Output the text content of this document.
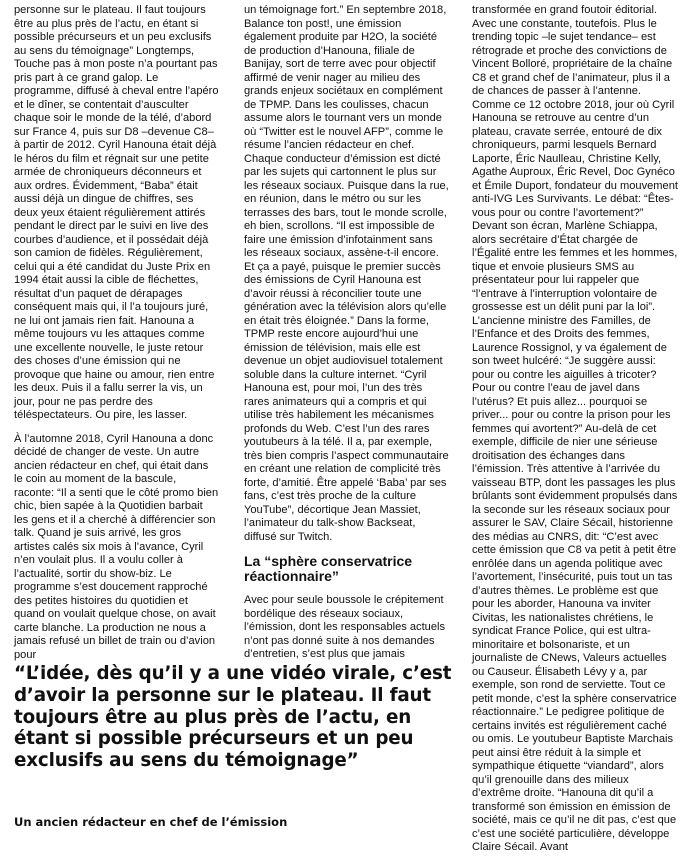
personne sur le plateau. Il faut toujours être au plus près de l’actu, en étant si possible précurseurs et un peu exclusifs au sens du témoignage” Longtemps, Touche pas à mon poste n’a pourtant pas pris part à ce grand galop. Le programme, diffusé à cheval entre l’apéro et le dîner, se contentait d’ausculter chaque soir le monde de la télé, d’abord sur France 4, puis sur D8 –devenue C8– à partir de 2012. Cyril Hanouna était déjà le héros du film et régnait sur une petite armée de chroniqueurs déconneurs et aux ordres. Évidemment, “Baba” était aussi déjà un dingue de chiffres, ses deux yeux étaient régulièrement attirés pendant le direct par le suivi en live des courbes d’audience, et il possédait déjà son camion de fidèles. Régulièrement, celui qui a été candidat du Juste Prix en 1994 était aussi la cible de fléchettes, résultat d’un paquet de dérapages conséquent mais qui, il l’a toujours juré, ne lui ont jamais rien fait. Hanouna a même toujours vu les attaques comme une excellente nouvelle, le juste retour des choses d’une émission qui ne provoque que haine ou amour, rien entre les deux. Puis il a fallu serrer la vis, un jour, pour ne pas perdre des téléspectateurs. Ou pire, les lasser.

À l’automne 2018, Cyril Hanouna a donc décidé de changer de veste. Un autre ancien rédacteur en chef, qui était dans le coin au moment de la bascule, raconte: “Il a senti que le côté promo bien chic, bien sapée à la Quotidien barbait les gens et il a cherché à différencier son talk. Quand je suis arrivé, les gros artistes calés six mois à l’avance, Cyril n’en voulait plus. Il a voulu coller à l’actualité, sortir du show-biz. Le programme s’est doucement rapproché des petites histoires du quotidien et quand on voulait quelque chose, on avait carte blanche. La production ne nous a jamais refusé un billet de train ou d’avion pour

un témoignage fort.” En septembre 2018, Balance ton post!, une émission également produite par H2O, la société de production d’Hanouna, filiale de Banijay, sort de terre avec pour objectif affirmé de venir nager au milieu des grands enjeux sociétaux en complément de TPMP. Dans les coulisses, chacun assume alors le tournant vers un monde où “Twitter est le nouvel AFP”, comme le résume l’ancien rédacteur en chef. Chaque conducteur d’émission est dicté par les sujets qui cartonnent le plus sur les réseaux sociaux. Puisque dans la rue, en réunion, dans le métro ou sur les terrasses des bars, tout le monde scrolle, eh bien, scrollons. “Il est impossible de faire une émission d’infotainment sans les réseaux sociaux, assène-t-il encore. Et ça a payé, puisque le premier succès des émissions de Cyril Hanouna est d’avoir réussi à réconcilier toute une génération avec la télévision alors qu’elle en était très éloignée.” Dans la forme, TPMP reste encore aujourd’hui une émission de télévision, mais elle est devenue un objet audiovisuel totalement soluble dans la culture internet. “Cyril Hanouna est, pour moi, l’un des très rares animateurs qui a compris et qui utilise très habilement les mécanismes profonds du Web. C’est l’un des rares youtubeurs à la télé. Il a, par exemple, très bien compris l’aspect communautaire en créant une relation de complicité très forte, d’amitié. Être appelé ‘Baba’ par ses fans, c’est très proche de la culture YouTube”, décortique Jean Massiet, l’animateur du talk-show Backseat, diffusé sur Twitch.

La “sphère conservatrice réactionnaire”

Avec pour seule boussole le crépitement bordélique des réseaux sociaux, l’émission, dont les responsables actuels n’ont pas donné suite à nos demandes d’entretien, s’est plus que jamais

transformée en grand foutoir éditorial. Avec une constante, toutefois. Plus le trending topic –le sujet tendance– est rétrograde et proche des convictions de Vincent Bolloré, propriétaire de la chaîne C8 et grand chef de l’animateur, plus il a de chances de passer à l’antenne. Comme ce 12 octobre 2018, jour où Cyril Hanouna se retrouve au centre d’un plateau, cravate serrée, entouré de dix chroniqueurs, parmi lesquels Bernard Laporte, Éric Naulleau, Christine Kelly, Agathe Auproux, Éric Revel, Doc Gynéco et Émile Duport, fondateur du mouvement anti-IVG Les Survivants. Le débat: “Êtes-vous pour ou contre l’avortement?” Devant son écran, Marlène Schiappa, alors secrétaire d’État chargée de l’Égalité entre les femmes et les hommes, tique et envoie plusieurs SMS au présentateur pour lui rappeler que “l’entrave à l’interruption volontaire de grossesse est un délit puni par la loi”. L’ancienne ministre des Familles, de l’Enfance et des Droits des femmes, Laurence Rossignol, y va également de son tweet hulcéré: “Je suggère aussi: pour ou contre les aiguilles à tricoter? Pour ou contre l’eau de javel dans l’utérus? Et puis allez... pourquoi se priver... pour ou contre la prison pour les femmes qui avortent?” Au-delà de cet exemple, difficile de nier une sérieuse droitisation des échanges dans l’émission. Très attentive à l’arrivée du vaisseau BTP, dont les passages les plus brûlants sont évidemment propulsés dans la seconde sur les réseaux sociaux pour assurer le SAV, Claire Sécail, historienne des médias au CNRS, dit: “C’est avec cette émission que C8 va petit à petit être enrôlée dans un agenda politique avec l’avortement, l’insécurité, puis tout un tas d’autres thèmes. Le problème est que pour les aborder, Hanouna va inviter Civitas, les nationalistes chrétiens, le syndicat France Police, qui est ultra-minoritaire et bolsonariste, et un journaliste de CNews, Valeurs actuelles ou Causeur. Élisabeth Lévy y a, par exemple, son rond de serviette. Tout ce petit monde, c’est la sphère conservatrice réactionnaire.” Le pedigree politique de certains invités est régulièrement caché ou omis. Le youtubeur Baptiste Marchais peut ainsi être réduit à la simple et sympathique étiquette “viandard”, alors qu’il grenouille dans des milieux d’extrême droite. “Hanouna dit qu’il a transformé son émission en émission de société, mais ce qu’il ne dit pas, c’est que c’est une société particulière, développe Claire Sécail. Avant

“L’idée, dès qu’il y a une vidéo virale, c’est d’avoir la personne sur le plateau. Il faut toujours être au plus près de l’actu, en étant si possible précurseurs et un peu exclusifs au sens du témoignage”
Un ancien rédacteur en chef de l’émission
